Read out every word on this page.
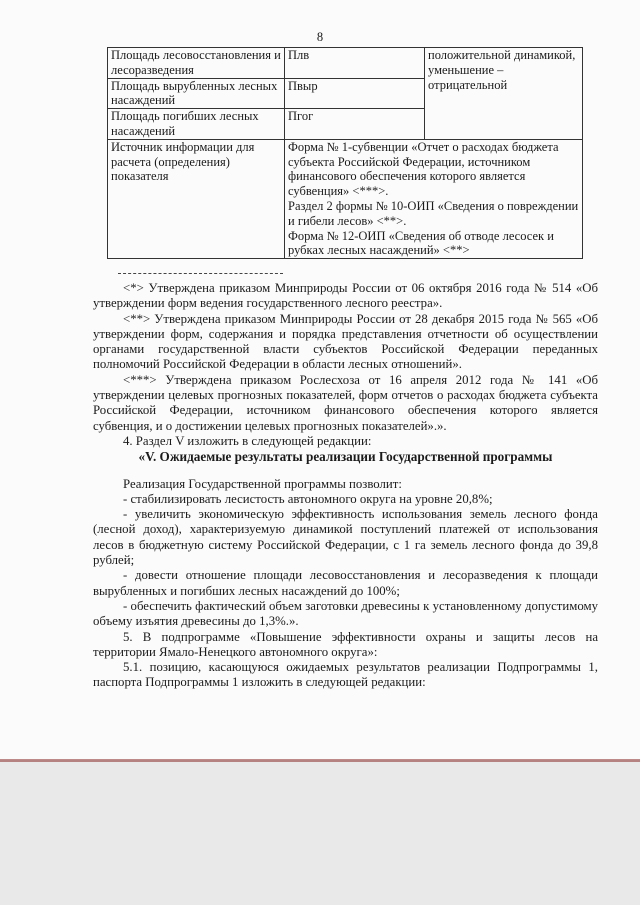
8
Площадь лесовосстановления и лесоразведения	Плв	положительной динамикой, уменьшение – отрицательной
Площадь вырубленных лесных насаждений	Пвыр	
Площадь погибших лесных насаждений	Пгог	
Источник информации для расчета (определения) показателя	Форма № 1-субвенции «Отчет о расходах бюджета субъекта Российской Федерации, источником финансового обеспечения которого является субвенция» <***>.
Раздел 2 формы № 10-ОИП «Сведения о повреждении и гибели лесов» <**>.
Форма № 12-ОИП «Сведения об отводе лесосек и рубках лесных насаждений» <**>	

<*> Утверждена приказом Минприроды России от 06 октября 2016 года № 514 «Об утверждении форм ведения государственного лесного реестра».

<**> Утверждена приказом Минприроды России от 28 декабря 2015 года № 565 «Об утверждении форм, содержания и порядка представления отчетности об осуществлении органами государственной власти субъектов Российской Федерации переданных полномочий Российской Федерации в области лесных отношений».

<***> Утверждена приказом Рослесхоза от 16 апреля 2012 года № 141 «Об утверждении целевых прогнозных показателей, форм отчетов о расходах бюджета субъекта Российской Федерации, источником финансового обеспечения которого является субвенция, и о достижении целевых прогнозных показателей».».

4. Раздел V изложить в следующей редакции:

«V. Ожидаемые результаты реализации Государственной программы

Реализация Государственной программы позволит:

- стабилизировать лесистость автономного округа на уровне 20,8%;

- увеличить экономическую эффективность использования земель лесного фонда (лесной доход), характеризуемую динамикой поступлений платежей от использования лесов в бюджетную систему Российской Федерации, с 1 га земель лесного фонда до 39,8 рублей;

- довести отношение площади лесовосстановления и лесоразведения к площади вырубленных и погибших лесных насаждений до 100%;

- обеспечить фактический объем заготовки древесины к установленному допустимому объему изъятия древесины до 1,3%.».

5. В подпрограмме «Повышение эффективности охраны и защиты лесов на территории Ямало-Ненецкого автономного округа»:

5.1. позицию, касающуюся ожидаемых результатов реализации Подпрограммы 1, паспорта Подпрограммы 1 изложить в следующей редакции:
